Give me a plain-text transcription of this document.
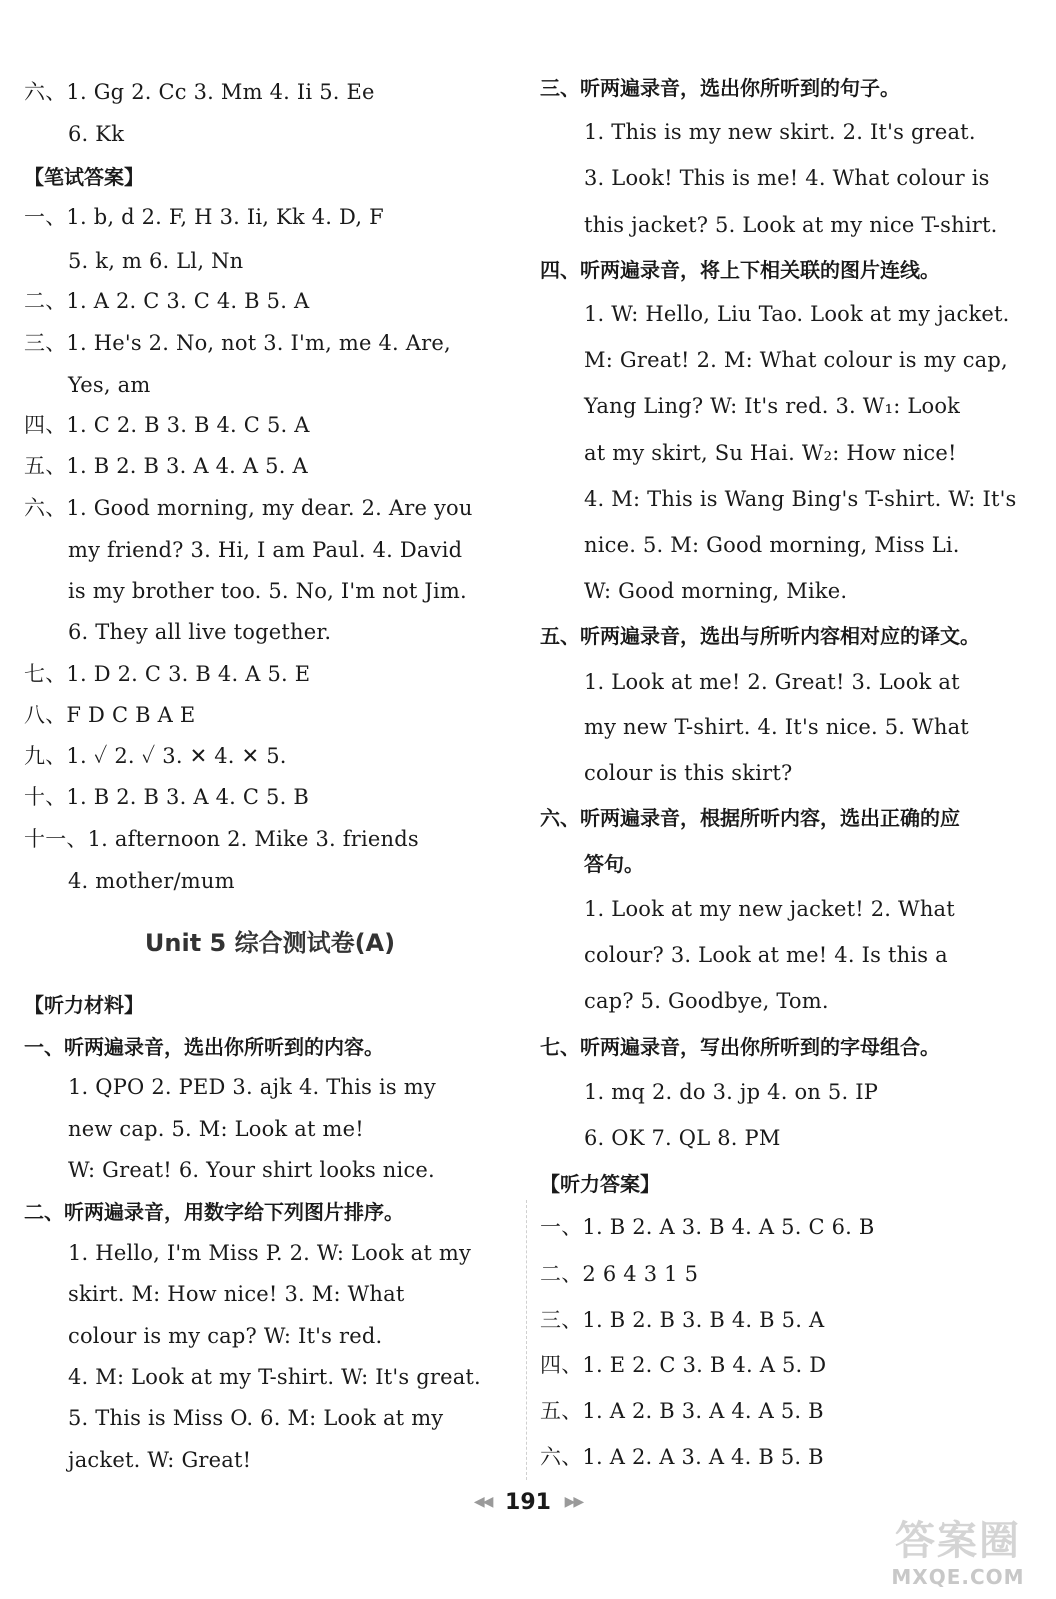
六、1. Gg 2. Cc 3. Mm 4. Ii 5. Ee
6. Kk
【笔试答案】
一、1. b, d 2. F, H 3. Ii, Kk 4. D, F
5. k, m 6. Ll, Nn
二、1. A 2. C 3. C 4. B 5. A
三、1. He's 2. No, not 3. I'm, me 4. Are,
Yes, am
四、1. C 2. B 3. B 4. C 5. A
五、1. B 2. B 3. A 4. A 5. A
六、1. Good morning, my dear. 2. Are you
my friend? 3. Hi, I am Paul. 4. David
is my brother too. 5. No, I'm not Jim.
6. They all live together.
七、1. D 2. C 3. B 4. A 5. E
八、F D C B A E
九、1. ✓ 2. ✓ 3. ✕ 4. ✕ 5.
十、1. B 2. B 3. A 4. C 5. B
十一、1. afternoon 2. Mike 3. friends
4. mother/mum
Unit 5 综合测试卷(A)
【听力材料】
一、听两遍录音，选出你所听到的内容。
1. QPO 2. PED 3. ajk 4. This is my
new cap. 5. M: Look at me!
W: Great! 6. Your shirt looks nice.
二、听两遍录音，用数字给下列图片排序。
1. Hello, I'm Miss P. 2. W: Look at my
skirt. M: How nice! 3. M: What
colour is my cap? W: It's red.
4. M: Look at my T-shirt. W: It's great.
5. This is Miss O. 6. M: Look at my
jacket. W: Great!
三、听两遍录音，选出你所听到的句子。
1. This is my new skirt. 2. It's great.
3. Look! This is me! 4. What colour is
this jacket? 5. Look at my nice T-shirt.
四、听两遍录音，将上下相关联的图片连线。
1. W: Hello, Liu Tao. Look at my jacket.
M: Great! 2. M: What colour is my cap,
Yang Ling? W: It's red. 3. W₁: Look
at my skirt, Su Hai. W₂: How nice!
4. M: This is Wang Bing's T-shirt. W: It's
nice. 5. M: Good morning, Miss Li.
W: Good morning, Mike.
五、听两遍录音，选出与所听内容相对应的译文。
1. Look at me! 2. Great! 3. Look at
my new T-shirt. 4. It's nice. 5. What
colour is this skirt?
六、听两遍录音，根据所听内容，选出正确的应
答句。
1. Look at my new jacket! 2. What
colour? 3. Look at me! 4. Is this a
cap? 5. Goodbye, Tom.
七、听两遍录音，写出你所听到的字母组合。
1. mq 2. do 3. jp 4. on 5. IP
6. OK 7. QL 8. PM
【听力答案】
一、1. B 2. A 3. B 4. A 5. C 6. B
二、2 6 4 3 1 5
三、1. B 2. B 3. B 4. B 5. A
四、1. E 2. C 3. B 4. A 5. D
五、1. A 2. B 3. A 4. A 5. B
六、1. A 2. A 3. A 4. B 5. B
◀◀ 191 ▶▶
答案圈
MXQE.COM
